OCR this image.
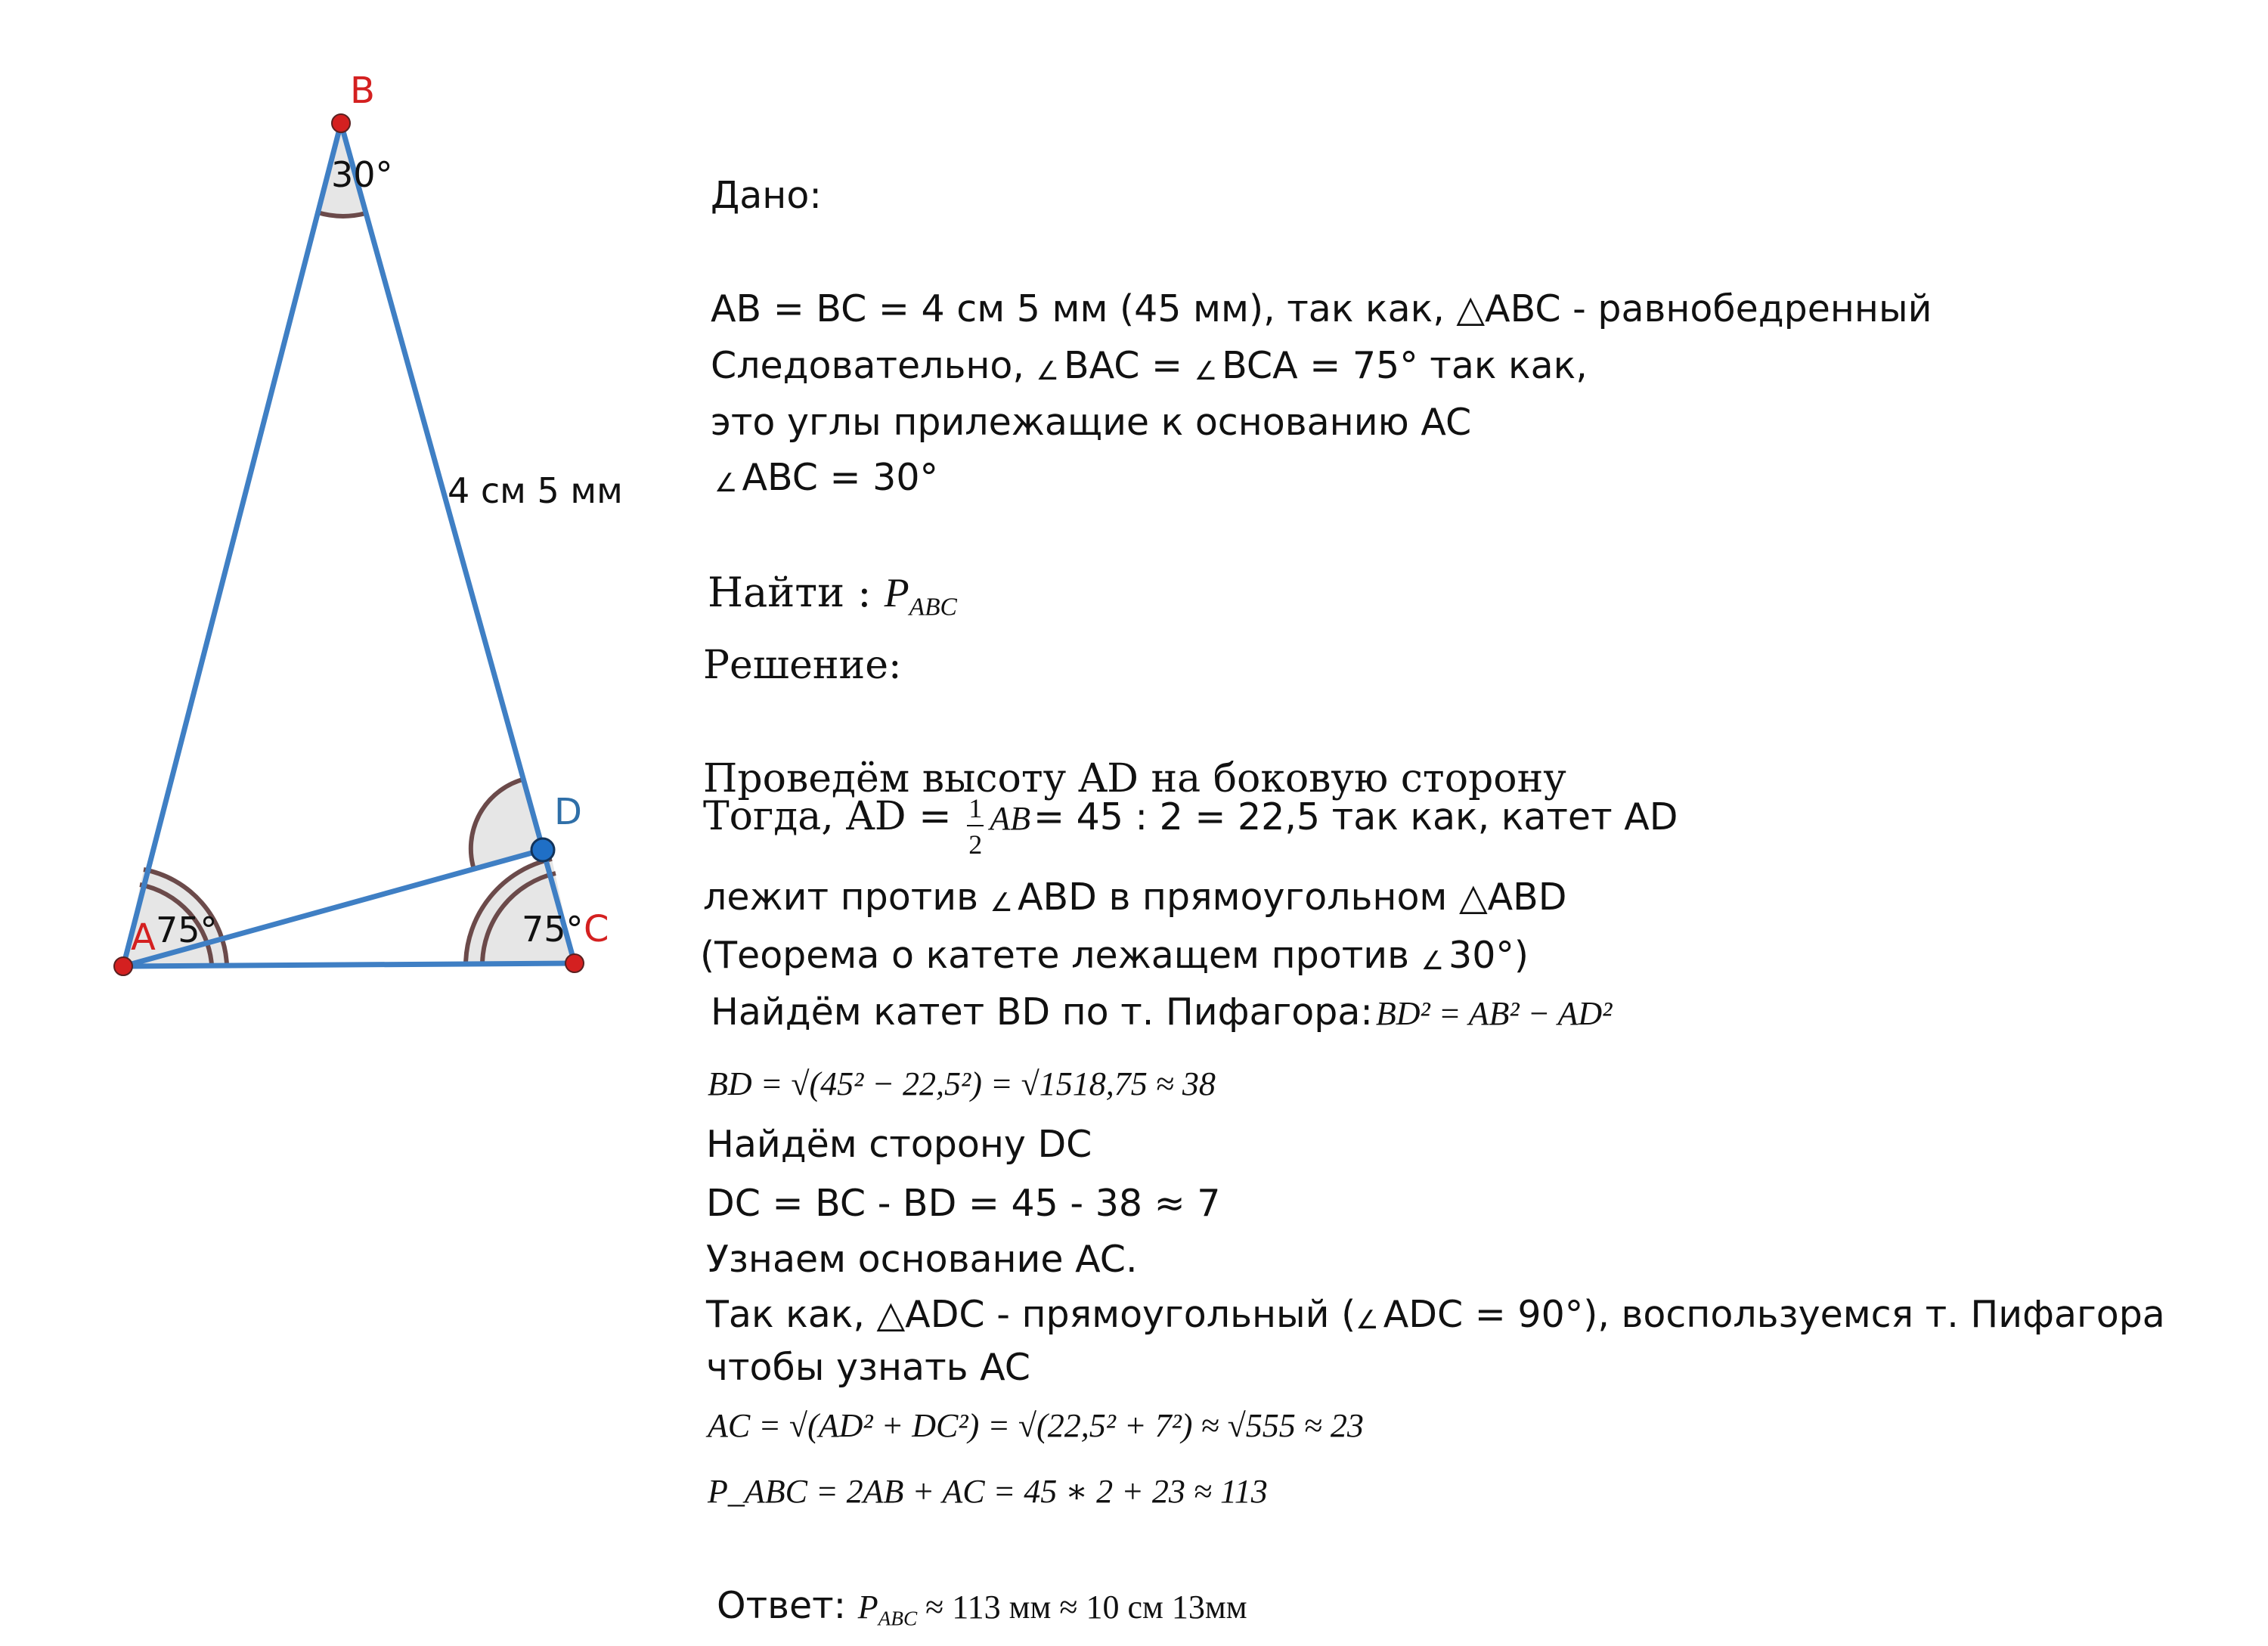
B
A	C
D
30°
75°	75°
4 см 5 мм
Дано:
AB = BC = 4 см 5 мм (45 мм), так как, △ABC - равнобедренный
Следовательно, ∠ BAC = ∠ BCA = 75° так как,
это углы прилежащие к основанию AC
∠ ABC = 30°
Найти : $P_{ABC}$
Решение:
Проведём высоту AD на боковую сторону
Тогда, AD = $\frac{1}{2}$ AB = 45 : 2 = 22,5 так как, катет AD
лежит против ∠ ABD в прямоугольном △ABD
(Теорема о катете лежащем против ∠ 30°)
Найдём катет BD по т. Пифагора: BD² = AB² − AD²
BD = √(45² − 22,5²) = √1518,75 ≈ 38
Найдём сторону DC
DC = BC - BD = 45 - 38 ≈ 7
Узнаем основание AC.
Так как, △ADC - прямоугольный (∠ ADC = 90°), воспользуемся т. Пифагора
чтобы узнать AC
AC = √(AD² + DC²) = √(22,5² + 7²) ≈ √555 ≈ 23
P_ABC = 2AB + AC = 45 ∗ 2 + 23 ≈ 113
Ответ: $P_{ABC} \approx 113$ мм ≈ 10 см 13мм
